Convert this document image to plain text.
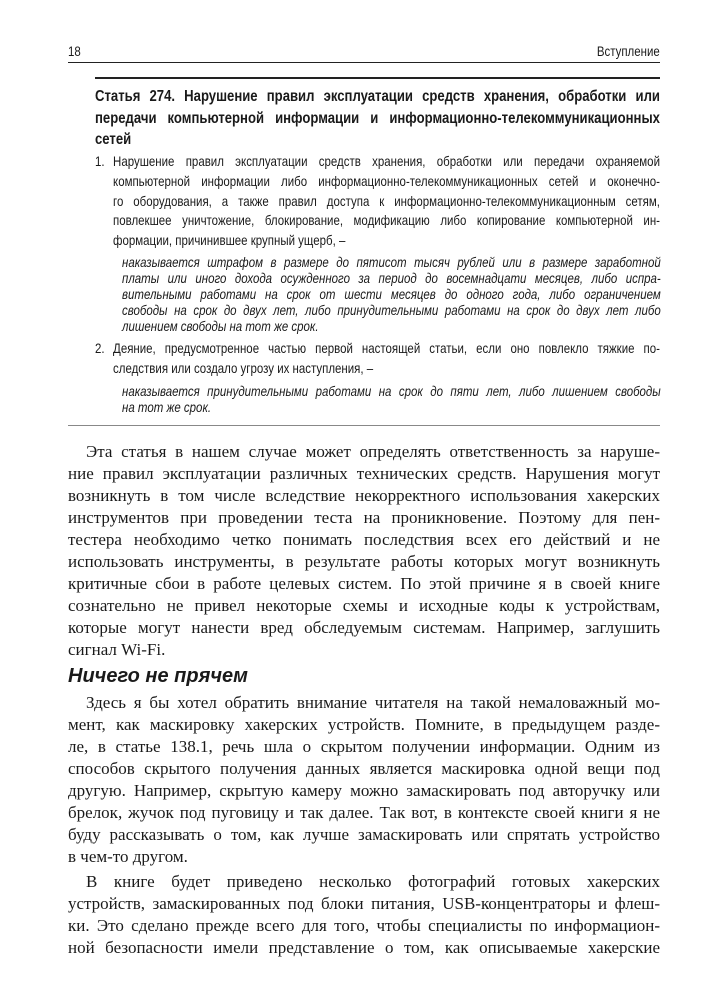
18	Вступление
Статья 274. Нарушение правил эксплуатации средств хранения, обработки или
передачи компьютерной информации и информационно-телекоммуникационных
сетей
1. Нарушение правил эксплуатации средств хранения, обработки или передачи охраняемой
компьютерной информации либо информационно-телекоммуникационных сетей и оконечно-
го оборудования, а также правил доступа к информационно-телекоммуникационным сетям,
повлекшее уничтожение, блокирование, модификацию либо копирование компьютерной ин-
формации, причинившее крупный ущерб, –
наказывается штрафом в размере до пятисот тысяч рублей или в размере заработной
платы или иного дохода осужденного за период до восемнадцати месяцев, либо испра-
вительными работами на срок от шести месяцев до одного года, либо ограничением
свободы на срок до двух лет, либо принудительными работами на срок до двух лет либо
лишением свободы на тот же срок.
2. Деяние, предусмотренное частью первой настоящей статьи, если оно повлекло тяжкие по-
следствия или создало угрозу их наступления, –
наказывается принудительными работами на срок до пяти лет, либо лишением свободы
на тот же срок.
Эта статья в нашем случае может определять ответственность за наруше-
ние правил эксплуатации различных технических средств. Нарушения могут
возникнуть в том числе вследствие некорректного использования хакерских
инструментов при проведении теста на проникновение. Поэтому для пен-
тестера необходимо четко понимать последствия всех его действий и не
использовать инструменты, в результате работы которых могут возникнуть
критичные сбои в работе целевых систем. По этой причине я в своей книге
сознательно не привел некоторые схемы и исходные коды к устройствам,
которые могут нанести вред обследуемым системам. Например, заглушить
сигнал Wi-Fi.
Ничего не прячем
Здесь я бы хотел обратить внимание читателя на такой немаловажный мо-
мент, как маскировку хакерских устройств. Помните, в предыдущем разде-
ле, в статье 138.1, речь шла о скрытом получении информации. Одним из
способов скрытого получения данных является маскировка одной вещи под
другую. Например, скрытую камеру можно замаскировать под авторучку или
брелок, жучок под пуговицу и так далее. Так вот, в контексте своей книги я не
буду рассказывать о том, как лучше замаскировать или спрятать устройство
в чем-то другом.
В книге будет приведено несколько фотографий готовых хакерских
устройств, замаскированных под блоки питания, USB-концентраторы и флеш-
ки. Это сделано прежде всего для того, чтобы специалисты по информацион-
ной безопасности имели представление о том, как описываемые хакерские
